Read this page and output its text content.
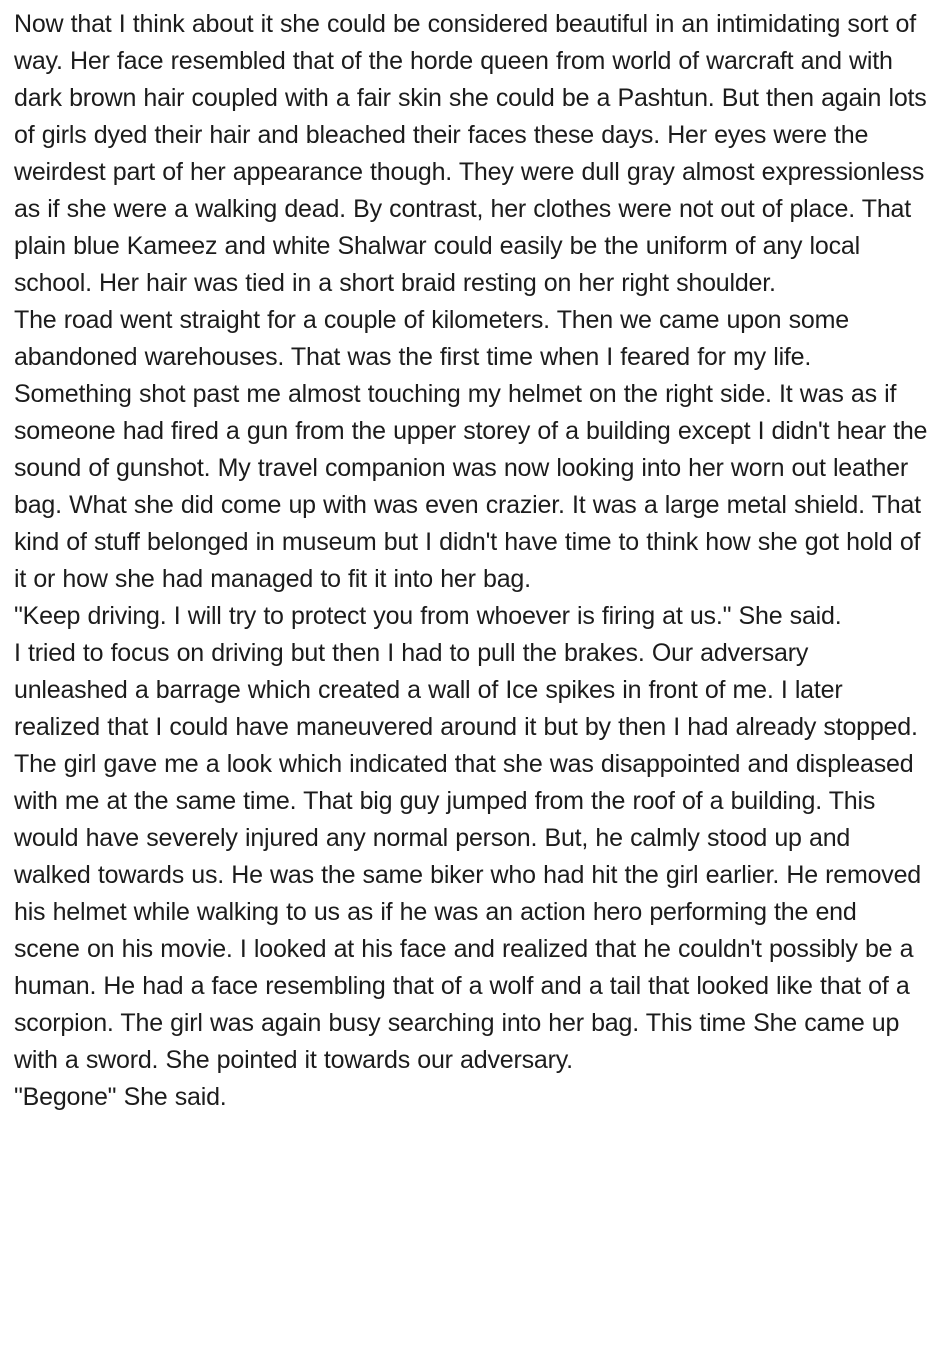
Now that I think about it she could be considered beautiful in an intimidating sort of way. Her face resembled that of the horde queen from world of warcraft and with dark brown hair coupled with a fair skin she could be a Pashtun. But then again lots of girls dyed their hair and bleached their faces these days. Her eyes were the weirdest part of her appearance though. They were dull gray almost expressionless as if she were a walking dead. By contrast, her clothes were not out of place. That plain blue Kameez and white Shalwar could easily be the uniform of any local school. Her hair was tied in a short braid resting on her right shoulder.

The road went straight for a couple of kilometers. Then we came upon some abandoned warehouses. That was the first time when I feared for my life. Something shot past me almost touching my helmet on the right side. It was as if someone had fired a gun from the upper storey of a building except I didn't hear the sound of gunshot. My travel companion was now looking into her worn out leather bag. What she did come up with was even crazier. It was a large metal shield. That kind of stuff belonged in museum but I didn't have time to think how she got hold of it or how she had managed to fit it into her bag.

"Keep driving. I will try to protect you from whoever is firing at us." She said.

I tried to focus on driving but then I had to pull the brakes. Our adversary unleashed a barrage which created a wall of Ice spikes in front of me. I later realized that I could have maneuvered around it but by then I had already stopped. The girl gave me a look which indicated that she was disappointed and displeased with me at the same time. That big guy jumped from the roof of a building. This would have severely injured any normal person. But, he calmly stood up and walked towards us. He was the same biker who had hit the girl earlier. He removed his helmet while walking to us as if he was an action hero performing the end scene on his movie. I looked at his face and realized that he couldn't possibly be a human. He had a face resembling that of a wolf and a tail that looked like that of a scorpion. The girl was again busy searching into her bag. This time She came up with a sword. She pointed it towards our adversary.

"Begone" She said.
